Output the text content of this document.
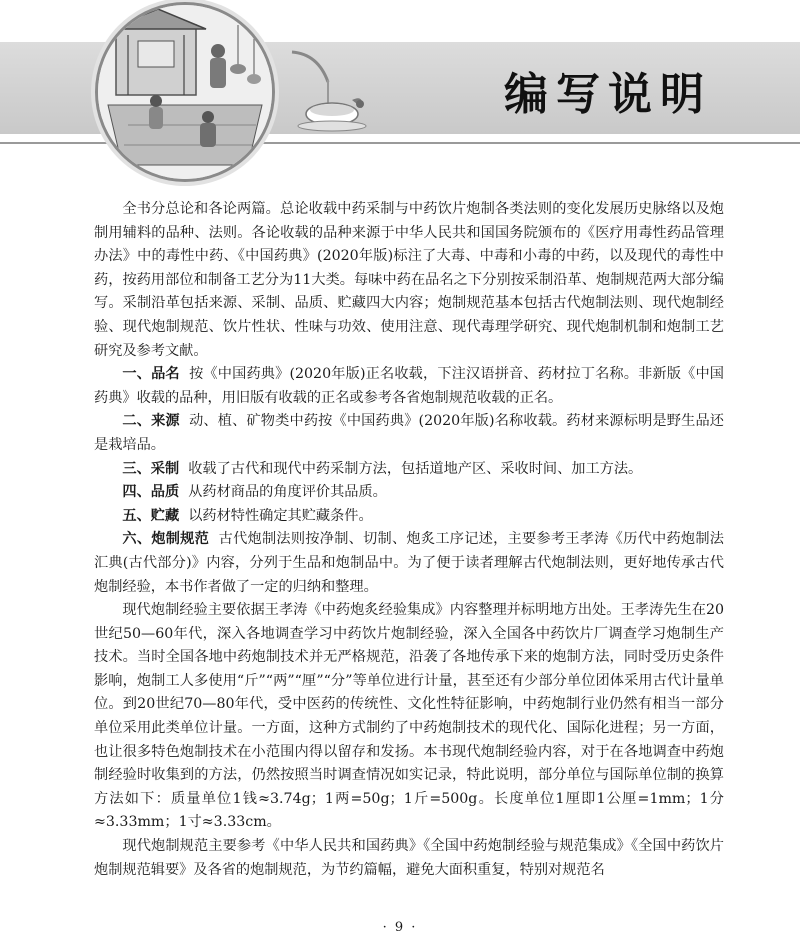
编写说明

全书分总论和各论两篇。总论收载中药采制与中药饮片炮制各类法则的变化发展历史脉络以及炮制用辅料的品种、法则。各论收载的品种来源于中华人民共和国国务院颁布的《医疗用毒性药品管理办法》中的毒性中药、《中国药典》(2020年版)标注了大毒、中毒和小毒的中药，以及现代的毒性中药，按药用部位和制备工艺分为11大类。每味中药在品名之下分别按采制沿革、炮制规范两大部分编写。采制沿革包括来源、采制、品质、贮藏四大内容；炮制规范基本包括古代炮制法则、现代炮制经验、现代炮制规范、饮片性状、性味与功效、使用注意、现代毒理学研究、现代炮制机制和炮制工艺研究及参考文献。

一、品名 按《中国药典》(2020年版)正名收载，下注汉语拼音、药材拉丁名称。非新版《中国药典》收载的品种，用旧版有收载的正名或参考各省炮制规范收载的正名。

二、来源 动、植、矿物类中药按《中国药典》(2020年版)名称收载。药材来源标明是野生品还是栽培品。

三、采制 收载了古代和现代中药采制方法，包括道地产区、采收时间、加工方法。

四、品质 从药材商品的角度评价其品质。

五、贮藏 以药材特性确定其贮藏条件。

六、炮制规范 古代炮制法则按净制、切制、炮炙工序记述，主要参考王孝涛《历代中药炮制法汇典(古代部分)》内容，分列于生品和炮制品中。为了便于读者理解古代炮制法则，更好地传承古代炮制经验，本书作者做了一定的归纳和整理。

现代炮制经验主要依据王孝涛《中药炮炙经验集成》内容整理并标明地方出处。王孝涛先生在20世纪50—60年代，深入各地调查学习中药饮片炮制经验，深入全国各中药饮片厂调查学习炮制生产技术。当时全国各地中药炮制技术并无严格规范，沿袭了各地传承下来的炮制方法，同时受历史条件影响，炮制工人多使用“斤”“两”“厘”“分”等单位进行计量，甚至还有少部分单位团体采用古代计量单位。到20世纪70—80年代，受中医药的传统性、文化性特征影响，中药炮制行业仍然有相当一部分单位采用此类单位计量。一方面，这种方式制约了中药炮制技术的现代化、国际化进程；另一方面，也让很多特色炮制技术在小范围内得以留存和发扬。本书现代炮制经验内容，对于在各地调查中药炮制经验时收集到的方法，仍然按照当时调查情况如实记录，特此说明，部分单位与国际单位制的换算方法如下：质量单位1钱≈3.74g；1两=50g；1斤=500g。长度单位1厘即1公厘=1mm；1分≈3.33mm；1寸≈3.33cm。

现代炮制规范主要参考《中华人民共和国药典》《全国中药炮制经验与规范集成》《全国中药饮片炮制规范辑要》及各省的炮制规范，为节约篇幅，避免大面积重复，特别对规范名

· 9 ·
